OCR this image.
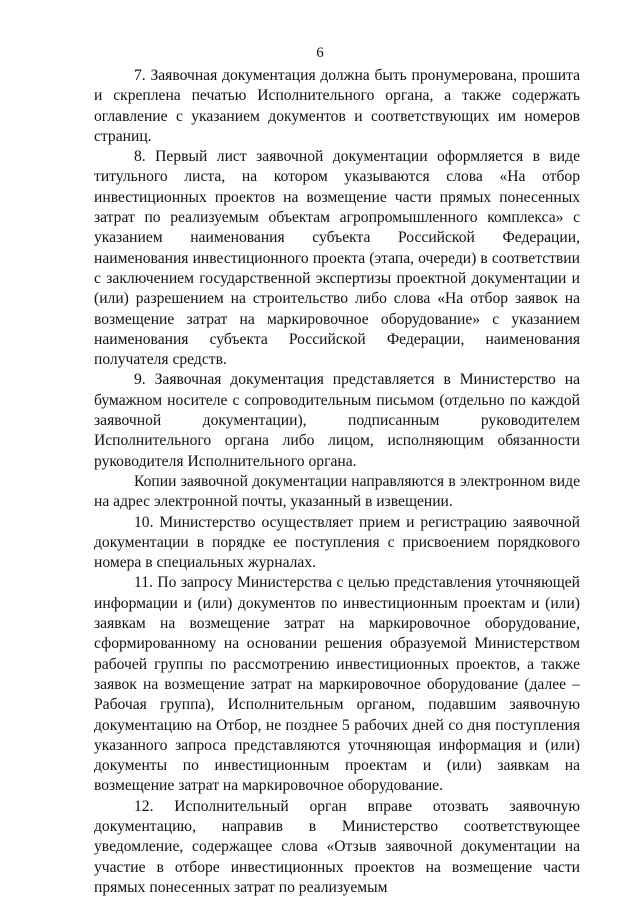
6

7. Заявочная документация должна быть пронумерована, прошита и скреплена печатью Исполнительного органа, а также содержать оглавление с указанием документов и соответствующих им номеров страниц.

8. Первый лист заявочной документации оформляется в виде титульного листа, на котором указываются слова «На отбор инвестиционных проектов на возмещение части прямых понесенных затрат по реализуемым объектам агропромышленного комплекса» с указанием наименования субъекта Российской Федерации, наименования инвестиционного проекта (этапа, очереди) в соответствии с заключением государственной экспертизы проектной документации и (или) разрешением на строительство либо слова «На отбор заявок на возмещение затрат на маркировочное оборудование» с указанием наименования субъекта Российской Федерации, наименования получателя средств.

9. Заявочная документация представляется в Министерство на бумажном носителе с сопроводительным письмом (отдельно по каждой заявочной документации), подписанным руководителем Исполнительного органа либо лицом, исполняющим обязанности руководителя Исполнительного органа.

Копии заявочной документации направляются в электронном виде на адрес электронной почты, указанный в извещении.

10. Министерство осуществляет прием и регистрацию заявочной документации в порядке ее поступления с присвоением порядкового номера в специальных журналах.

11. По запросу Министерства с целью представления уточняющей информации и (или) документов по инвестиционным проектам и (или) заявкам на возмещение затрат на маркировочное оборудование, сформированному на основании решения образуемой Министерством рабочей группы по рассмотрению инвестиционных проектов, а также заявок на возмещение затрат на маркировочное оборудование (далее – Рабочая группа), Исполнительным органом, подавшим заявочную документацию на Отбор, не позднее 5 рабочих дней со дня поступления указанного запроса представляются уточняющая информация и (или) документы по инвестиционным проектам и (или) заявкам на возмещение затрат на маркировочное оборудование.

12. Исполнительный орган вправе отозвать заявочную документацию, направив в Министерство соответствующее уведомление, содержащее слова «Отзыв заявочной документации на участие в отборе инвестиционных проектов на возмещение части прямых понесенных затрат по реализуемым
